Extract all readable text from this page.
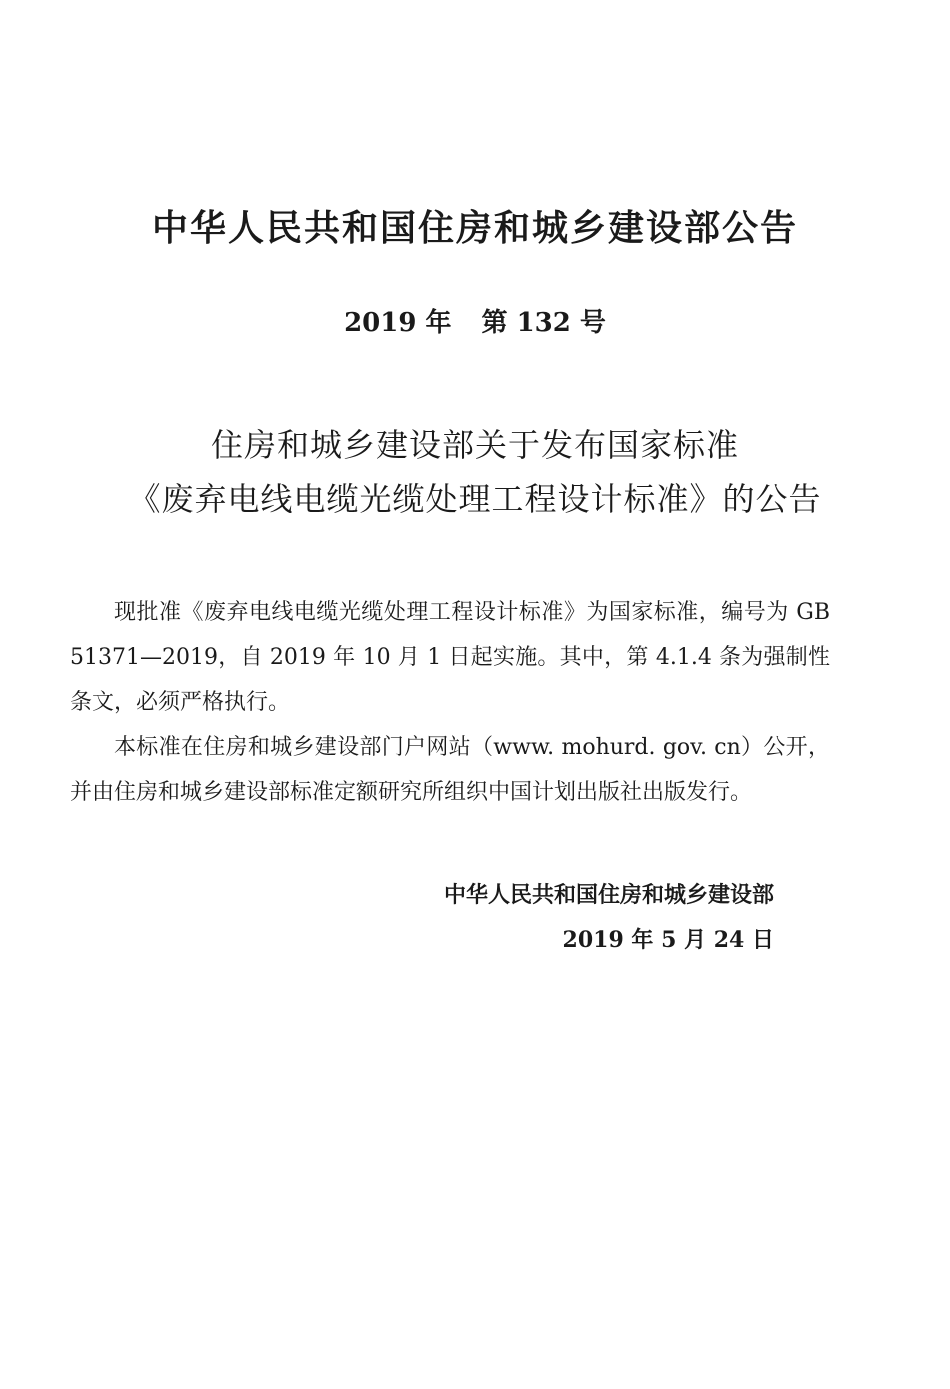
中华人民共和国住房和城乡建设部公告
2019 年 第 132 号
住房和城乡建设部关于发布国家标准
《废弃电线电缆光缆处理工程设计标准》的公告

现批准《废弃电线电缆光缆处理工程设计标准》为国家标准，编号为 GB 51371—2019，自 2019 年 10 月 1 日起实施。其中，第 4.1.4 条为强制性条文，必须严格执行。

本标准在住房和城乡建设部门户网站（www. mohurd. gov. cn）公开，并由住房和城乡建设部标准定额研究所组织中国计划出版社出版发行。

中华人民共和国住房和城乡建设部
2019 年 5 月 24 日
